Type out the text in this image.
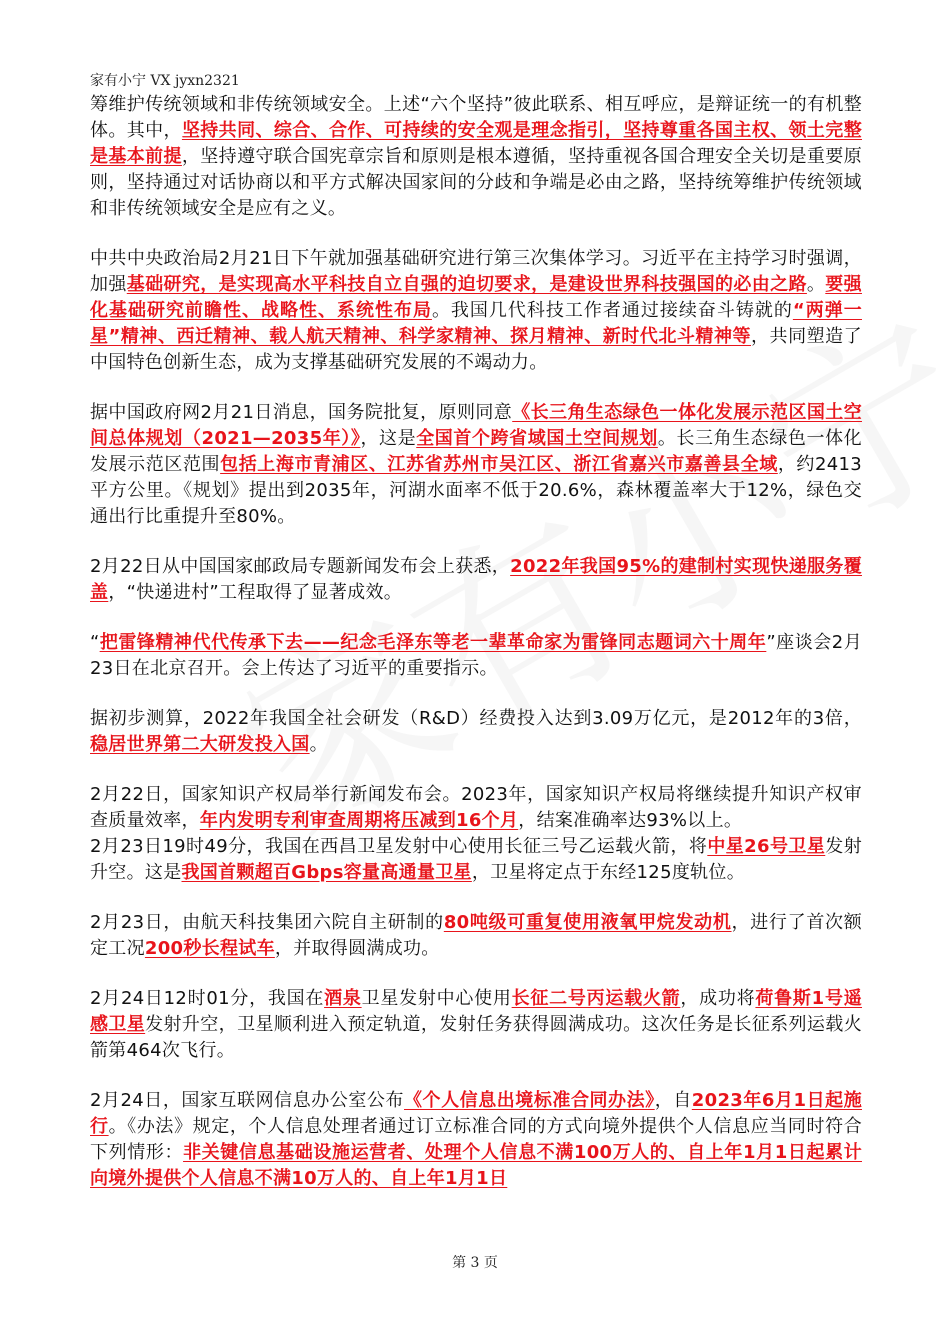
家有小宁 VX jyxn2321

筹维护传统领域和非传统领域安全。上述“六个坚持”彼此联系、相互呼应，是辩证统一的有机整体。其中，坚持共同、综合、合作、可持续的安全观是理念指引，坚持尊重各国主权、领土完整是基本前提，坚持遵守联合国宪章宗旨和原则是根本遵循，坚持重视各国合理安全关切是重要原则，坚持通过对话协商以和平方式解决国家间的分歧和争端是必由之路，坚持统筹维护传统领域和非传统领域安全是应有之义。

中共中央政治局2月21日下午就加强基础研究进行第三次集体学习。习近平在主持学习时强调，加强基础研究，是实现高水平科技自立自强的迫切要求，是建设世界科技强国的必由之路。要强化基础研究前瞻性、战略性、系统性布局。我国几代科技工作者通过接续奋斗铸就的“两弹一星”精神、西迁精神、载人航天精神、科学家精神、探月精神、新时代北斗精神等，共同塑造了中国特色创新生态，成为支撑基础研究发展的不竭动力。

据中国政府网2月21日消息，国务院批复，原则同意《长三角生态绿色一体化发展示范区国土空间总体规划（2021—2035年）》，这是全国首个跨省域国土空间规划。长三角生态绿色一体化发展示范区范围包括上海市青浦区、江苏省苏州市吴江区、浙江省嘉兴市嘉善县全域，约2413平方公里。《规划》提出到2035年，河湖水面率不低于20.6%，森林覆盖率大于12%，绿色交通出行比重提升至80%。

2月22日从中国国家邮政局专题新闻发布会上获悉，2022年我国95%的建制村实现快递服务覆盖，“快递进村”工程取得了显著成效。

“把雷锋精神代代传承下去——纪念毛泽东等老一辈革命家为雷锋同志题词六十周年”座谈会2月23日在北京召开。会上传达了习近平的重要指示。

据初步测算，2022年我国全社会研发（R&D）经费投入达到3.09万亿元，是2012年的3倍，稳居世界第二大研发投入国。

2月22日，国家知识产权局举行新闻发布会。2023年，国家知识产权局将继续提升知识产权审查质量效率，年内发明专利审查周期将压减到16个月，结案准确率达93%以上。

2月23日19时49分，我国在西昌卫星发射中心使用长征三号乙运载火箭，将中星26号卫星发射升空。这是我国首颗超百Gbps容量高通量卫星，卫星将定点于东经125度轨位。

2月23日，由航天科技集团六院自主研制的80吨级可重复使用液氧甲烷发动机，进行了首次额定工况200秒长程试车，并取得圆满成功。

2月24日12时01分，我国在酒泉卫星发射中心使用长征二号丙运载火箭，成功将荷鲁斯1号遥感卫星发射升空，卫星顺利进入预定轨道，发射任务获得圆满成功。这次任务是长征系列运载火箭第464次飞行。

2月24日，国家互联网信息办公室公布《个人信息出境标准合同办法》，自2023年6月1日起施行。《办法》规定，个人信息处理者通过订立标准合同的方式向境外提供个人信息应当同时符合下列情形：非关键信息基础设施运营者、处理个人信息不满100万人的、自上年1月1日起累计向境外提供个人信息不满10万人的、自上年1月1日

第 3 页
